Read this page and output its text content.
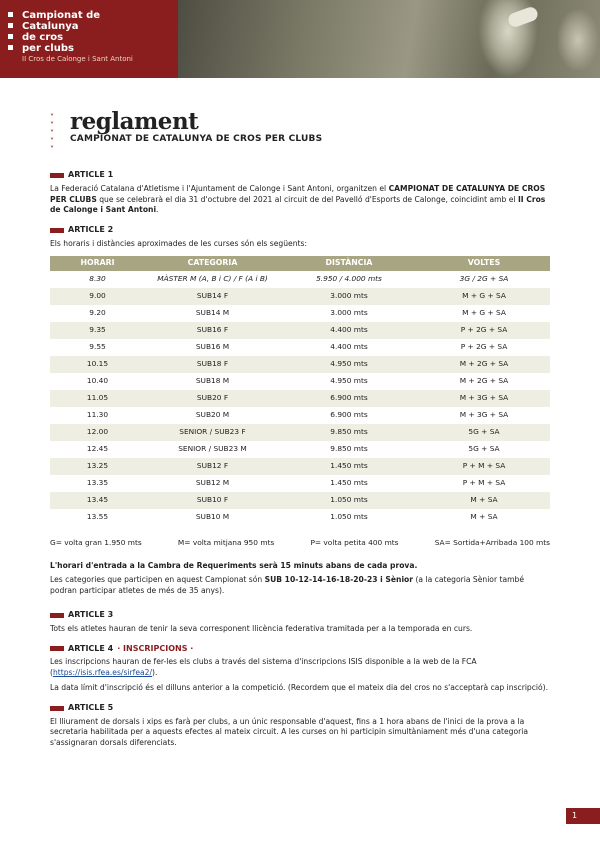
Campionat de
Catalunya
de cros
per clubs
II Cros de Calonge i Sant Antoni
˅
˅
˅
˅
˅
reglament
CAMPIONAT DE CATALUNYA DE CROS PER CLUBS
ARTICLE 1

La Federació Catalana d'Atletisme i l'Ajuntament de Calonge i Sant Antoni, organitzen el CAMPIONAT DE CATALUNYA DE CROS PER CLUBS que se celebrarà el dia 31 d'octubre del 2021 al circuit de del Pavelló d'Esports de Calonge, coincidint amb el II Cros de Calonge i Sant Antoni.

ARTICLE 2

Els horaris i distàncies aproximades de les curses són els següents:

HORARI	CATEGORIA	DISTÀNCIA	VOLTES
8.30	MÀSTER M (A, B i C) / F (A i B)	5.950 / 4.000 mts	3G / 2G + SA
9.00	SUB14 F	3.000 mts	M + G + SA
9.20	SUB14 M	3.000 mts	M + G + SA
9.35	SUB16 F	4.400 mts	P + 2G + SA
9.55	SUB16 M	4.400 mts	P + 2G + SA
10.15	SUB18 F	4.950 mts	M + 2G + SA
10.40	SUB18 M	4.950 mts	M + 2G + SA
11.05	SUB20 F	6.900 mts	M + 3G + SA
11.30	SUB20 M	6.900 mts	M + 3G + SA
12.00	SENIOR / SUB23 F	9.850 mts	5G + SA
12.45	SENIOR / SUB23 M	9.850 mts	5G + SA
13.25	SUB12 F	1.450 mts	P + M + SA
13.35	SUB12 M	1.450 mts	P + M + SA
13.45	SUB10 F	1.050 mts	M + SA
13.55	SUB10 M	1.050 mts	M + SA
G= volta gran 1.950 mts	M= volta mitjana 950 mts	P= volta petita 400 mts	SA= Sortida+Arribada 100 mts

L'horari d'entrada a la Cambra de Requeriments serà 15 minuts abans de cada prova.

Les categories que participen en aquest Campionat són SUB 10-12-14-16-18-20-23 i Sènior (a la categoria Sènior també podran participar atletes de més de 35 anys).

ARTICLE 3

Tots els atletes hauran de tenir la seva corresponent llicència federativa tramitada per a la temporada en curs.

ARTICLE 4 · INSCRIPCIONS ·

Les inscripcions hauran de fer-les els clubs a través del sistema d'inscripcions ISIS disponible a la web de la FCA (https://isis.rfea.es/sirfea2/).

La data límit d'inscripció és el dilluns anterior a la competició. (Recordem que el mateix dia del cros no s'acceptarà cap inscripció).

ARTICLE 5

El lliurament de dorsals i xips es farà per clubs, a un únic responsable d'aquest, fins a 1 hora abans de l'inici de la prova a la secretaria habilitada per a aquests efectes al mateix circuit. A les curses on hi participin simultàniament més d'una categoria s'assignaran dorsals diferenciats.

1
